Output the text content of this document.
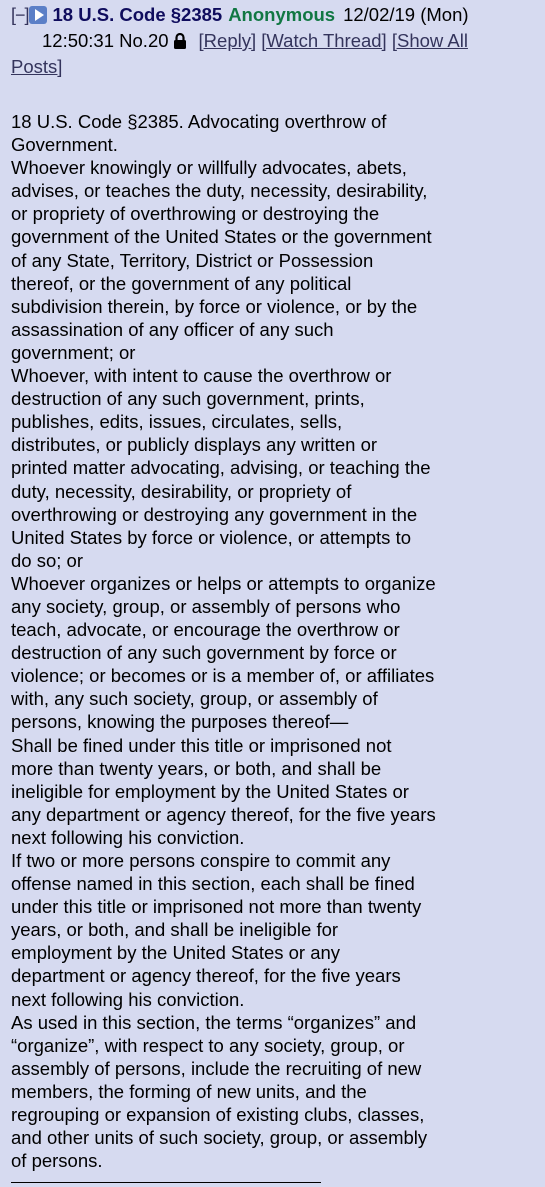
[−] 18 U.S. Code §2385 Anonymous 12/02/19 (Mon)
12:50:31 No.20 [Reply] [Watch Thread] [Show All
Posts]
18 U.S. Code §2385. Advocating overthrow of
Government.
Whoever knowingly or willfully advocates, abets,
advises, or teaches the duty, necessity, desirability,
or propriety of overthrowing or destroying the
government of the United States or the government
of any State, Territory, District or Possession
thereof, or the government of any political
subdivision therein, by force or violence, or by the
assassination of any officer of any such
government; or
Whoever, with intent to cause the overthrow or
destruction of any such government, prints,
publishes, edits, issues, circulates, sells,
distributes, or publicly displays any written or
printed matter advocating, advising, or teaching the
duty, necessity, desirability, or propriety of
overthrowing or destroying any government in the
United States by force or violence, or attempts to
do so; or
Whoever organizes or helps or attempts to organize
any society, group, or assembly of persons who
teach, advocate, or encourage the overthrow or
destruction of any such government by force or
violence; or becomes or is a member of, or affiliates
with, any such society, group, or assembly of
persons, knowing the purposes thereof—
Shall be fined under this title or imprisoned not
more than twenty years, or both, and shall be
ineligible for employment by the United States or
any department or agency thereof, for the five years
next following his conviction.
If two or more persons conspire to commit any
offense named in this section, each shall be fined
under this title or imprisoned not more than twenty
years, or both, and shall be ineligible for
employment by the United States or any
department or agency thereof, for the five years
next following his conviction.
As used in this section, the terms “organizes” and
“organize”, with respect to any society, group, or
assembly of persons, include the recruiting of new
members, the forming of new units, and the
regrouping or expansion of existing clubs, classes,
and other units of such society, group, or assembly
of persons.
